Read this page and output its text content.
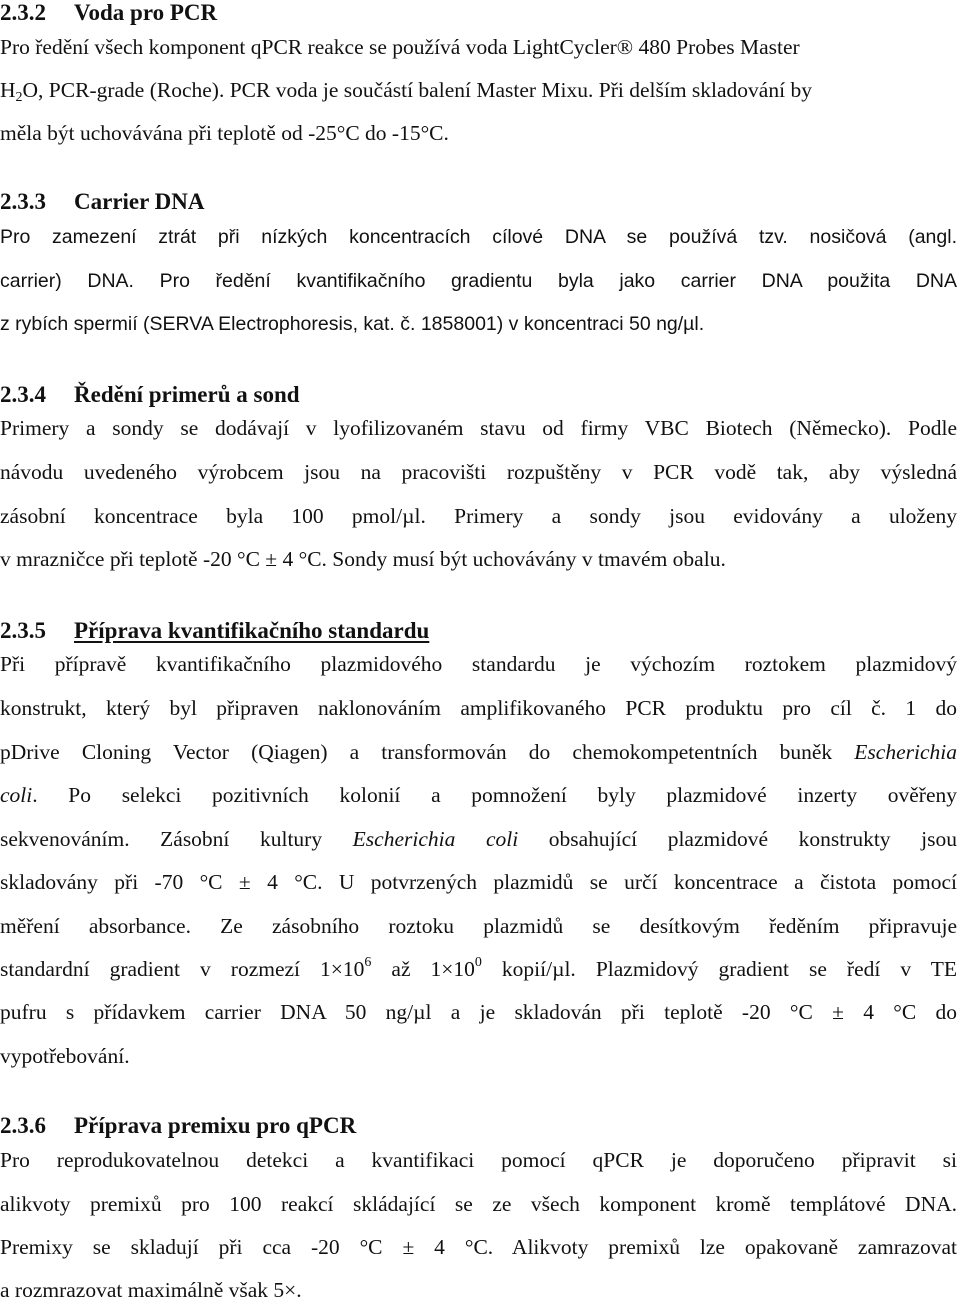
2.3.2 Voda pro PCR
Pro ředění všech komponent qPCR reakce se používá voda LightCycler® 480 Probes Master
$H_2O$, PCR-grade (Roche). PCR voda je součástí balení Master Mixu. Při delším skladování by
měla být uchovávána při teplotě od -25°C do -15°C.
2.3.3 Carrier DNA
Pro zamezení ztrát při nízkých koncentracích cílové DNA se používá tzv. nosičová (angl.
carrier) DNA. Pro ředění kvantifikačního gradientu byla jako carrier DNA použita DNA
z rybích spermií (SERVA Electrophoresis, kat. č. 1858001) v koncentraci 50 ng/µl.
2.3.4 Ředění primerů a sond
Primery a sondy se dodávají v lyofilizovaném stavu od firmy VBC Biotech (Německo). Podle
návodu uvedeného výrobcem jsou na pracovišti rozpuštěny v PCR vodě tak, aby výsledná
zásobní koncentrace byla 100 pmol/µl. Primery a sondy jsou evidovány a uloženy
v mrazničce při teplotě -20 °C ± 4 °C. Sondy musí být uchovávány v tmavém obalu.
2.3.5 Příprava kvantifikačního standardu
Při přípravě kvantifikačního plazmidového standardu je výchozím roztokem plazmidový
konstrukt, který byl připraven naklonováním amplifikovaného PCR produktu pro cíl č. 1 do
pDrive Cloning Vector (Qiagen) a transformován do chemokompetentních buněk Escherichia
coli. Po selekci pozitivních kolonií a pomnožení byly plazmidové inzerty ověřeny
sekvenováním. Zásobní kultury Escherichia coli obsahující plazmidové konstrukty jsou
skladovány při -70 °C ± 4 °C. U potvrzených plazmidů se určí koncentrace a čistota pomocí
měření absorbance. Ze zásobního roztoku plazmidů se desítkovým ředěním připravuje
standardní gradient v rozmezí $1\times 10^6$ až $1\times 10^0$ kopií/µl. Plazmidový gradient se ředí v TE
pufru s přídavkem carrier DNA 50 ng/µl a je skladován při teplotě -20 °C ± 4 °C do
vypotřebování.
2.3.6 Příprava premixu pro qPCR
Pro reprodukovatelnou detekci a kvantifikaci pomocí qPCR je doporučeno připravit si
alikvoty premixů pro 100 reakcí skládající se ze všech komponent kromě templátové DNA.
Premixy se skladují při cca -20 °C ± 4 °C. Alikvoty premixů lze opakovaně zamrazovat
a rozmrazovat maximálně však 5×.
